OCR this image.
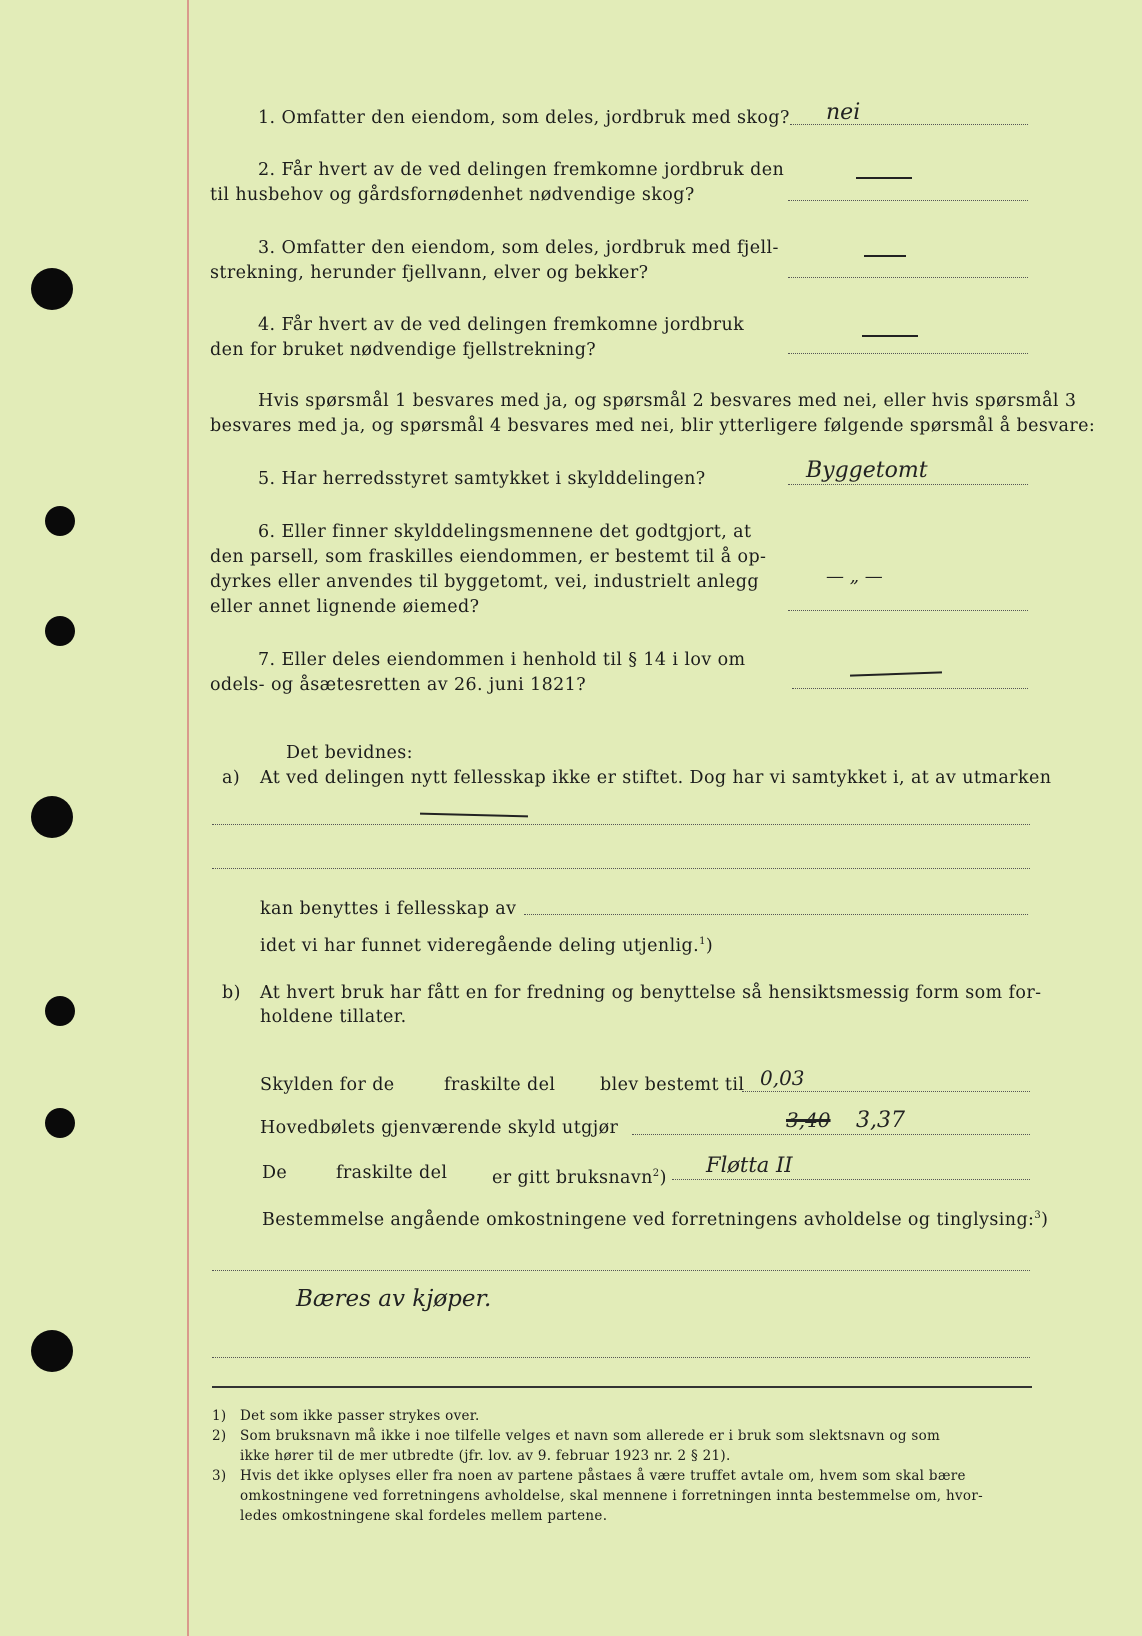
1. Omfatter den eiendom, som deles, jordbruk med skog? nei
2. Får hvert av de ved delingen fremkomne jordbruk den
til husbehov og gårdsfornødenhet nødvendige skog?
3. Omfatter den eiendom, som deles, jordbruk med fjell-
strekning, herunder fjellvann, elver og bekker?
4. Får hvert av de ved delingen fremkomne jordbruk
den for bruket nødvendige fjellstrekning?
Hvis spørsmål 1 besvares med ja, og spørsmål 2 besvares med nei, eller hvis spørsmål 3
besvares med ja, og spørsmål 4 besvares med nei, blir ytterligere følgende spørsmål å besvare:
5. Har herredsstyret samtykket i skylddelingen?	Byggetomt
6. Eller finner skylddelingsmennene det godtgjort, at
den parsell, som fraskilles eiendommen, er bestemt til å op-
dyrkes eller anvendes til byggetomt, vei, industrielt anlegg
eller annet lignende øiemed?
— „ —
7. Eller deles eiendommen i henhold til § 14 i lov om
odels- og åsætesretten av 26. juni 1821?
Det bevidnes:
a) At ved delingen nytt fellesskap ikke er stiftet. Dog har vi samtykket i, at av utmarken
kan benyttes i fellesskap av
idet vi har funnet videregående deling utjenlig.$^1$)
b) At hvert bruk har fått en for fredning og benyttelse så hensiktsmessig form som for-
holdene tillater.
Skylden for de	fraskilte del	blev bestemt til 0,03
Hovedbølets gjenværende skyld utgjør	3,40 3,37
De	fraskilte del	er gitt bruksnavn$^2$)
Fløtta II
Bestemmelse angående omkostningene ved forretningens avholdelse og tinglysing:$^3$)
Bæres av kjøper.
1) Det som ikke passer strykes over.
2) Som bruksnavn må ikke i noe tilfelle velges et navn som allerede er i bruk som slektsnavn og som
ikke hører til de mer utbredte (jfr. lov. av 9. februar 1923 nr. 2 § 21).
3) Hvis det ikke oplyses eller fra noen av partene påstaes å være truffet avtale om, hvem som skal bære
omkostningene ved forretningens avholdelse, skal mennene i forretningen innta bestemmelse om, hvor-
ledes omkostningene skal fordeles mellem partene.
